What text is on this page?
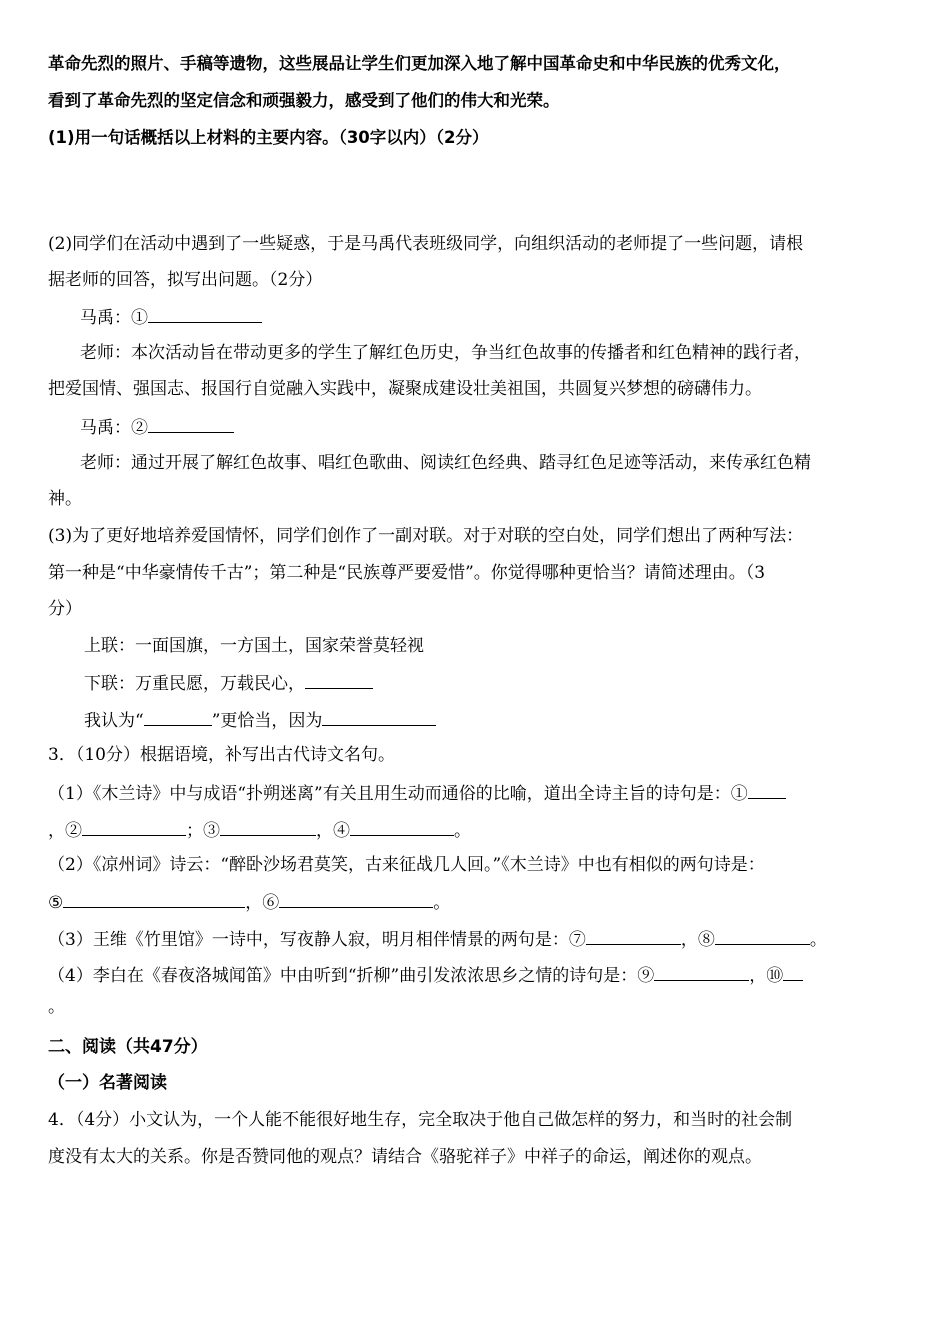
革命先烈的照片、手稿等遗物，这些展品让学生们更加深入地了解中国革命史和中华民族的优秀文化，
看到了革命先烈的坚定信念和顽强毅力，感受到了他们的伟大和光荣。
(1)用一句话概括以上材料的主要内容。（30字以内）（2分）
(2)同学们在活动中遇到了一些疑惑，于是马禹代表班级同学，向组织活动的老师提了一些问题，请根
据老师的回答，拟写出问题。（2分）
马禹：①
老师：本次活动旨在带动更多的学生了解红色历史，争当红色故事的传播者和红色精神的践行者，
把爱国情、强国志、报国行自觉融入实践中，凝聚成建设壮美祖国，共圆复兴梦想的磅礴伟力。
马禹：②
老师：通过开展了解红色故事、唱红色歌曲、阅读红色经典、踏寻红色足迹等活动，来传承红色精
神。
(3)为了更好地培养爱国情怀，同学们创作了一副对联。对于对联的空白处，同学们想出了两种写法：
第一种是“中华豪情传千古”；第二种是“民族尊严要爱惜”。你觉得哪种更恰当？请简述理由。（3
分）
上联：一面国旗，一方国土，国家荣誉莫轻视
下联：万重民愿，万载民心，
我认为“	”更恰当，因为
3．（10分）根据语境，补写出古代诗文名句。
（1）《木兰诗》中与成语“扑朔迷离”有关且用生动而通俗的比喻，道出全诗主旨的诗句是：①
，②	；③	，④	。
（2）《凉州词》诗云：“醉卧沙场君莫笑，古来征战几人回。”《木兰诗》中也有相似的两句诗是：
⑤	，⑥	。
（3）王维《竹里馆》一诗中，写夜静人寂，明月相伴情景的两句是：⑦	，⑧	。
（4）李白在《春夜洛城闻笛》中由听到“折柳”曲引发浓浓思乡之情的诗句是：⑨	，⑩
。
二、阅读（共47分）
（一）名著阅读
4．（4分）小文认为，一个人能不能很好地生存，完全取决于他自己做怎样的努力，和当时的社会制
度没有太大的关系。你是否赞同他的观点？请结合《骆驼祥子》中祥子的命运，阐述你的观点。
